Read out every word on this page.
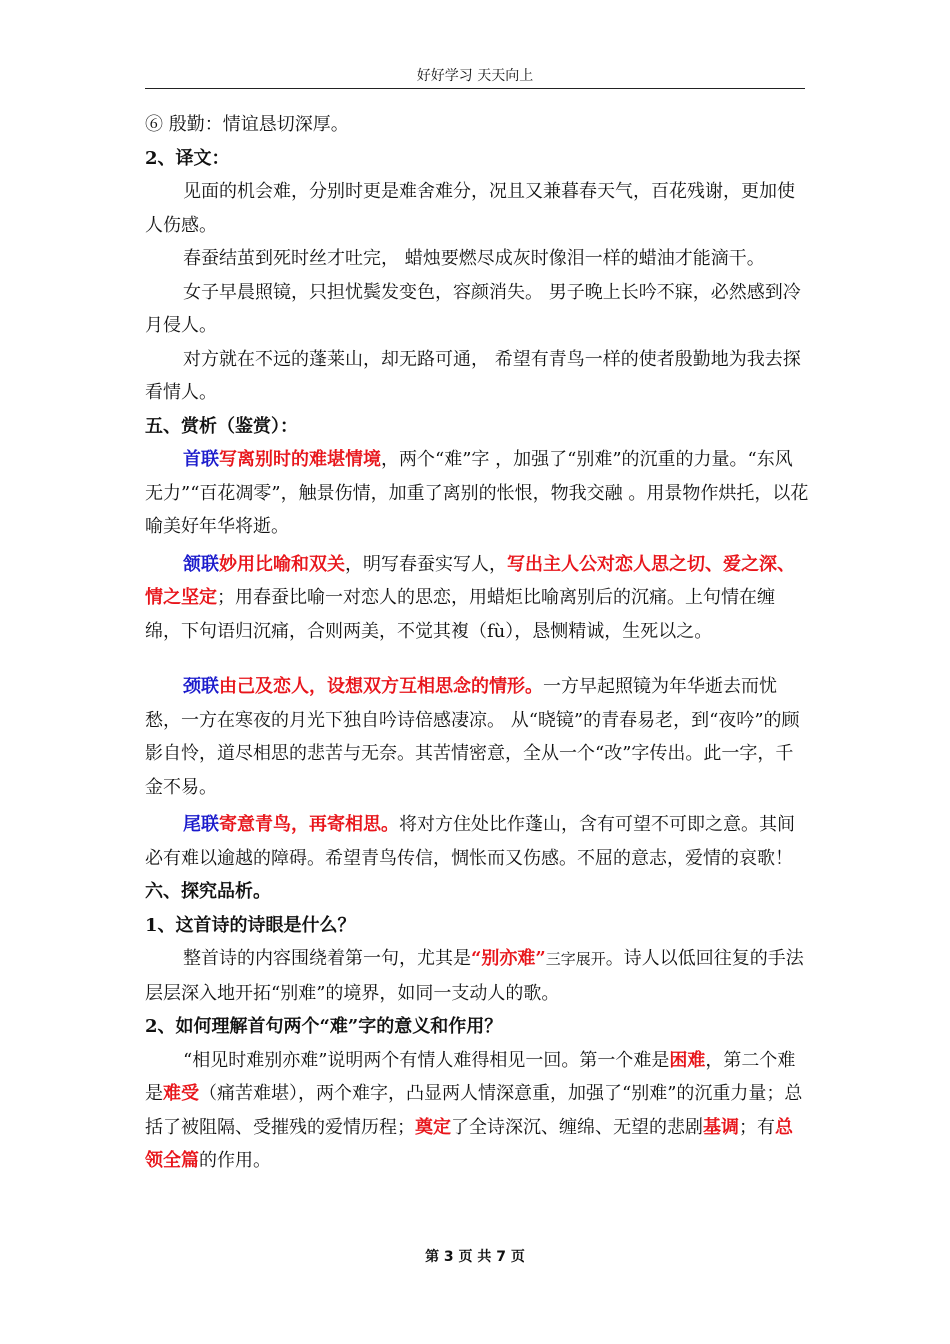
好好学习 天天向上

⑥ 殷勤：情谊恳切深厚。

2、译文：

见面的机会难，分别时更是难舍难分，况且又兼暮春天气，百花残谢，更加使人伤感。

春蚕结茧到死时丝才吐完， 蜡烛要燃尽成灰时像泪一样的蜡油才能滴干。

女子早晨照镜，只担忧鬓发变色，容颜消失。 男子晚上长吟不寐，必然感到冷月侵人。

对方就在不远的蓬莱山，却无路可通， 希望有青鸟一样的使者殷勤地为我去探看情人。

五、赏析（鉴赏）：

首联写离别时的难堪情境，两个“难”字 ，加强了“别难”的沉重的力量。“东风无力”“百花凋零”，触景伤情，加重了离别的怅恨，物我交融 。用景物作烘托，以花喻美好年华将逝。

颔联妙用比喻和双关，明写春蚕实写人，写出主人公对恋人思之切、爱之深、情之坚定；用春蚕比喻一对恋人的思恋，用蜡炬比喻离别后的沉痛。上句情在缠绵，下句语归沉痛，合则两美，不觉其複（fù），恳恻精诚，生死以之。

颈联由己及恋人，设想双方互相思念的情形。一方早起照镜为年华逝去而忧愁，一方在寒夜的月光下独自吟诗倍感凄凉。 从“晓镜”的青春易老，到“夜吟”的顾影自怜，道尽相思的悲苦与无奈。其苦情密意，全从一个“改”字传出。此一字，千金不易。

尾联寄意青鸟，再寄相思。将对方住处比作蓬山，含有可望不可即之意。其间必有难以逾越的障碍。希望青鸟传信，惆怅而又伤感。不屈的意志，爱情的哀歌！

六、探究品析。

1、这首诗的诗眼是什么？

整首诗的内容围绕着第一句，尤其是“别亦难”三字展开。诗人以低回往复的手法层层深入地开拓“别难”的境界，如同一支动人的歌。

2、如何理解首句两个“难”字的意义和作用？

“相见时难别亦难”说明两个有情人难得相见一回。第一个难是困难，第二个难是难受（痛苦难堪），两个难字，凸显两人情深意重，加强了“别难”的沉重力量；总括了被阻隔、受摧残的爱情历程；奠定了全诗深沉、缠绵、无望的悲剧基调；有总领全篇的作用。

第 3 页 共 7 页
